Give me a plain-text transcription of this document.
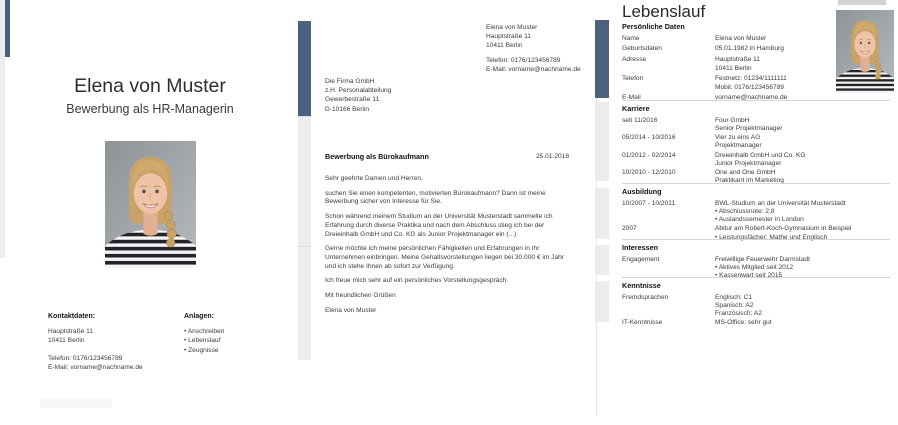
Elena von Muster
Bewerbung als HR-Managerin
Kontaktdaten:
Hauptstraße 11
10411 Berlin
Telefon: 0176/123456789
E-Mail: vorname@nachname.de
Anlagen:
• Anschreiben
• Lebenslauf
• Zeugnisse
Elena von Muster
Hauptstraße 11
10411 Berlin
Telefon: 0176/123456789
E-Mail: vorname@nachname.de
Die Firma GmbH
z.H. Personalabteilung
Gewerbestraße 11
D-10166 Berlin
Bewerbung als Bürokaufmann	25.01.2018
Sehr geehrte Damen und Herren,
suchen Sie einen kompetenten, motivierten Bürokaufmann? Dann ist meine Bewerbung sicher von Interesse für Sie.
Schon während meinem Studium an der Universität Musterstadt sammelte ich Erfahrung durch diverse Praktika und nach dem Abschluss stieg ich bei der Dreieinhalb GmbH und Co. KG als Junior Projektmanager ein (...)
Gerne möchte ich meine persönlichen Fähigkeiten und Erfahrungen in Ihr Unternehmen einbringen. Meine Gehaltsvorstellungen liegen bei 30.000 € im Jahr und ich stehe Ihnen ab sofort zur Verfügung.
Ich freue mich sehr auf ein persönliches Vorstellungsgespräch.
Mit freundlichen Grüßen
Elena von Muster
Lebenslauf
Persönliche Daten
Name	Elena von Muster
Geburtsdaten	05.01.1982 in Hamburg
Adresse	Hauptstraße 11
10411 Berlin
Telefon	Festnetz: 01234/1111111
Mobil: 0176/123456789
E-Mail	vorname@nachname.de
Karriere
seit 11/2016	Four GmbH
Senior Projektmanager
05/2014 - 10/2016	Vier zu eins AG
Projektmanager
01/2012 - 02/2014	Dreieinhalb GmbH und Co. KG
Junior Projektmanager
10/2010 - 12/2010	One and One GmbH
Praktikant im Marketing
Ausbildung
10/2007 - 10/2011	BWL-Studium an der Universität Musterstadt
• Abschlussnote: 2,8
• Auslandssemester in London
2007	Abitur am Robert-Koch-Gymnasium in Beispiel
• Leistungsfächer: Mathe und Englisch
Interessen
Engagement	Freiwillige Feuerwehr Darmstadt
• Aktives Mitglied seit 2012
• Kassenwart seit 2015
Kenntnisse
Fremdsprachen	Englisch: C1
Spanisch: A2
Französisch: A2
IT-Kenntnisse	MS-Office: sehr gut
